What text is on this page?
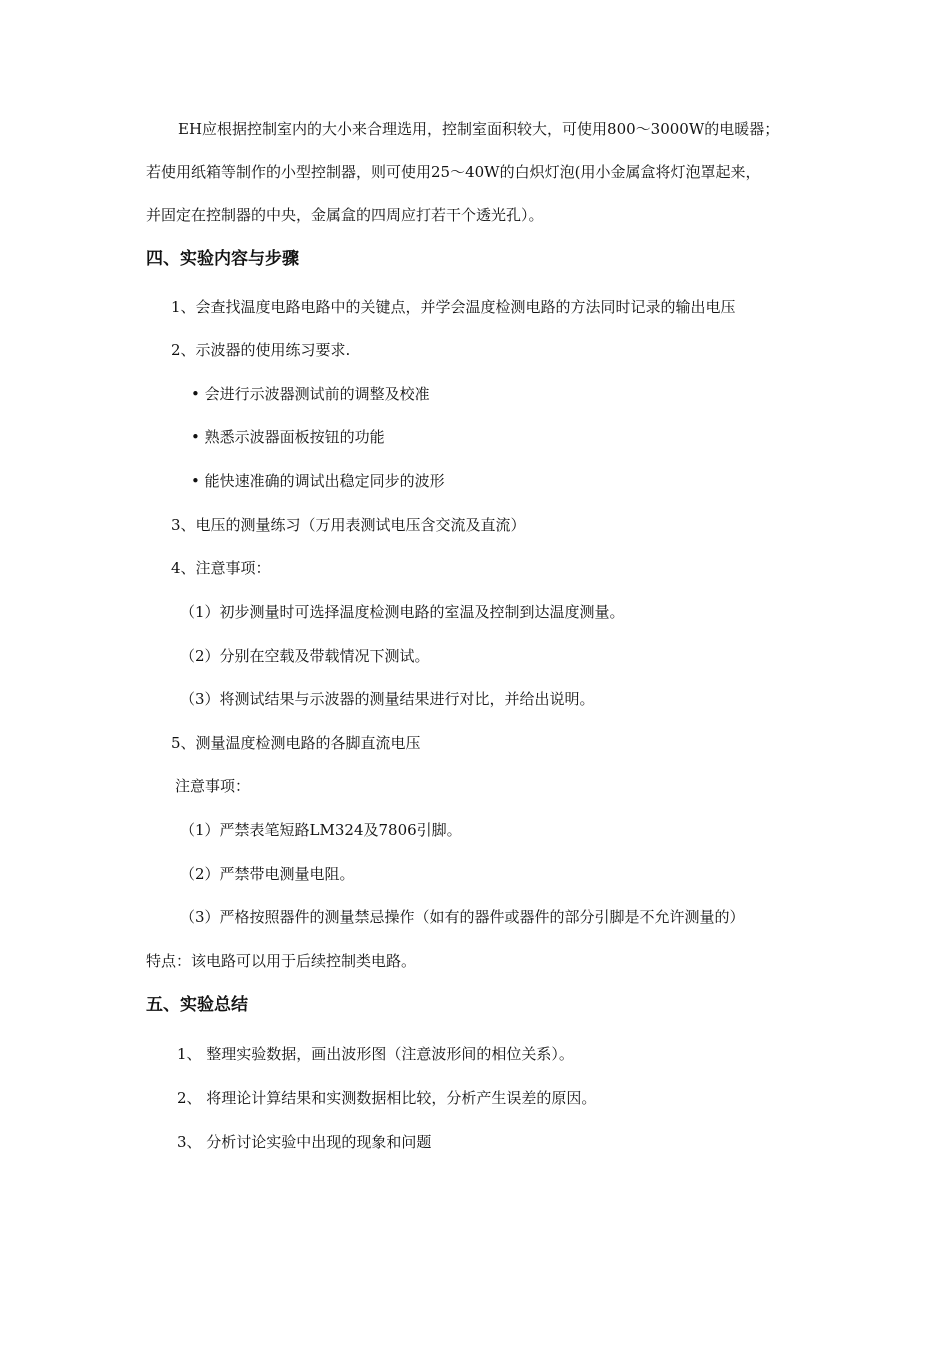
EH应根据控制室内的大小来合理选用，控制室面积较大，可使用800～3000W的电暖器；
若使用纸箱等制作的小型控制器，则可使用25～40W的白炽灯泡(用小金属盒将灯泡罩起来，
并固定在控制器的中央，金属盒的四周应打若干个透光孔）。
四、实验内容与步骤
1、会查找温度电路电路中的关键点，并学会温度检测电路的方法同时记录的输出电压
2、示波器的使用练习要求.
• 会进行示波器测试前的调整及校准
• 熟悉示波器面板按钮的功能
• 能快速准确的调试出稳定同步的波形
3、电压的测量练习（万用表测试电压含交流及直流）
4、注意事项：
（1）初步测量时可选择温度检测电路的室温及控制到达温度测量。
（2）分别在空载及带载情况下测试。
（3）将测试结果与示波器的测量结果进行对比，并给出说明。
5、测量温度检测电路的各脚直流电压
注意事项：
（1）严禁表笔短路LM324及7806引脚。
（2）严禁带电测量电阻。
（3）严格按照器件的测量禁忌操作（如有的器件或器件的部分引脚是不允许测量的）
特点：该电路可以用于后续控制类电路。
五、实验总结
1、 整理实验数据，画出波形图（注意波形间的相位关系）。
2、 将理论计算结果和实测数据相比较，分析产生误差的原因。
3、 分析讨论实验中出现的现象和问题
